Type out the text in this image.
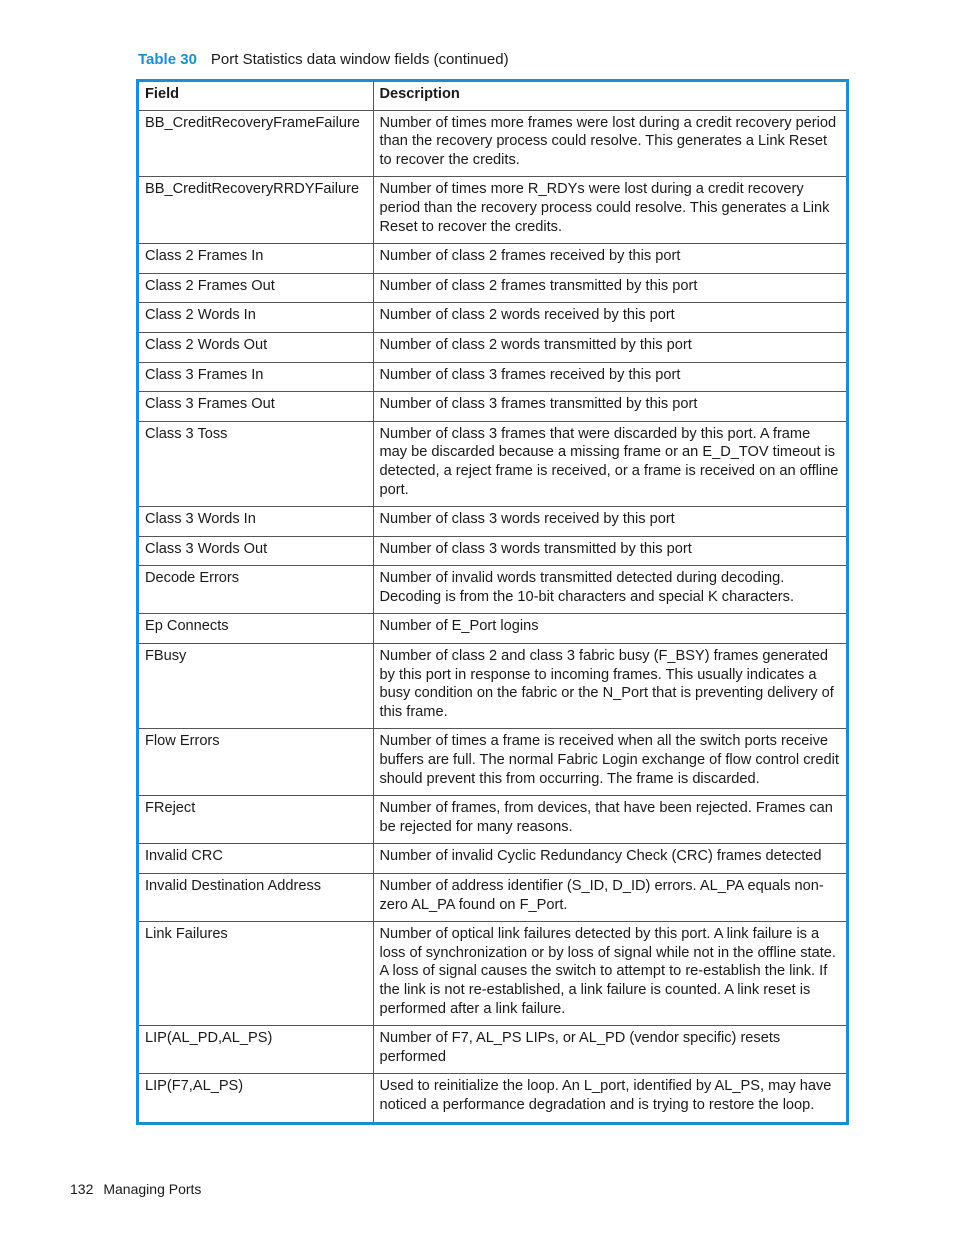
Table 30 Port Statistics data window fields (continued)
Field	Description
BB_CreditRecoveryFrameFailure	Number of times more frames were lost during a credit recovery period than the recovery process could resolve. This generates a Link Reset to recover the credits.
BB_CreditRecoveryRRDYFailure	Number of times more R_RDYs were lost during a credit recovery period than the recovery process could resolve. This generates a Link Reset to recover the credits.
Class 2 Frames In	Number of class 2 frames received by this port
Class 2 Frames Out	Number of class 2 frames transmitted by this port
Class 2 Words In	Number of class 2 words received by this port
Class 2 Words Out	Number of class 2 words transmitted by this port
Class 3 Frames In	Number of class 3 frames received by this port
Class 3 Frames Out	Number of class 3 frames transmitted by this port
Class 3 Toss	Number of class 3 frames that were discarded by this port. A frame may be discarded because a missing frame or an E_D_TOV timeout is detected, a reject frame is received, or a frame is received on an offline port.
Class 3 Words In	Number of class 3 words received by this port
Class 3 Words Out	Number of class 3 words transmitted by this port
Decode Errors	Number of invalid words transmitted detected during decoding. Decoding is from the 10-bit characters and special K characters.
Ep Connects	Number of E_Port logins
FBusy	Number of class 2 and class 3 fabric busy (F_BSY) frames generated by this port in response to incoming frames. This usually indicates a busy condition on the fabric or the N_Port that is preventing delivery of this frame.
Flow Errors	Number of times a frame is received when all the switch ports receive buffers are full. The normal Fabric Login exchange of flow control credit should prevent this from occurring. The frame is discarded.
FReject	Number of frames, from devices, that have been rejected. Frames can be rejected for many reasons.
Invalid CRC	Number of invalid Cyclic Redundancy Check (CRC) frames detected
Invalid Destination Address	Number of address identifier (S_ID, D_ID) errors. AL_PA equals non-zero AL_PA found on F_Port.
Link Failures	Number of optical link failures detected by this port. A link failure is a loss of synchronization or by loss of signal while not in the offline state. A loss of signal causes the switch to attempt to re-establish the link. If the link is not re-established, a link failure is counted. A link reset is performed after a link failure.
LIP(AL_PD,AL_PS)	Number of F7, AL_PS LIPs, or AL_PD (vendor specific) resets performed
LIP(F7,AL_PS)	Used to reinitialize the loop. An L_port, identified by AL_PS, may have noticed a performance degradation and is trying to restore the loop.
132 Managing Ports
